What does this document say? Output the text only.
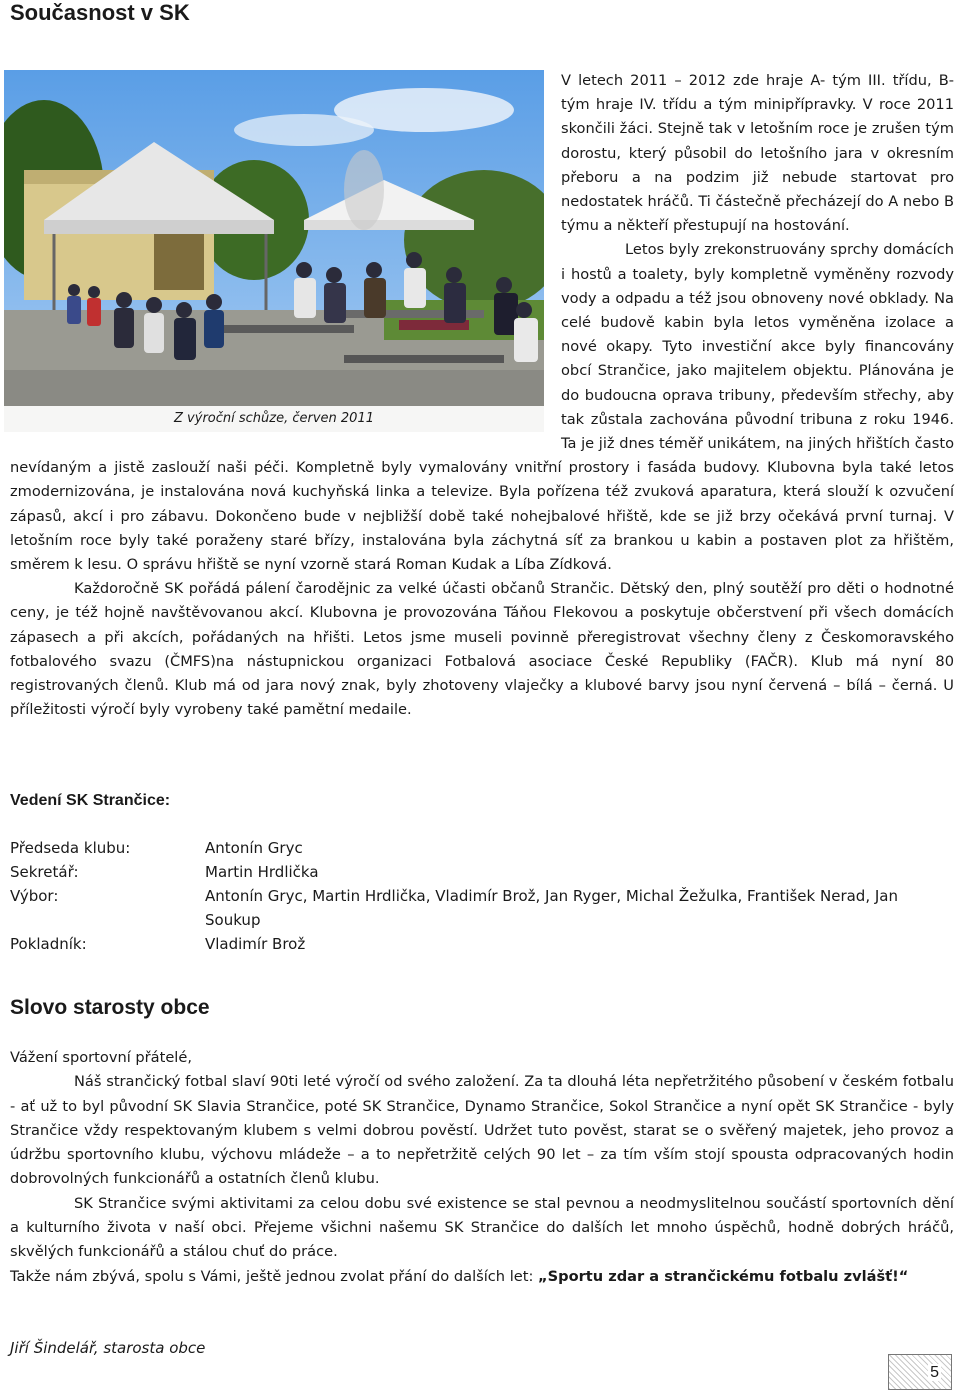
Současnost v SK

V letech 2011 – 2012 zde hraje A- tým III. třídu, B-tým hraje IV. třídu a tým minipřípravky. V roce 2011 skončili žáci. Stejně tak v letošním roce je zrušen tým dorostu, který působil do letošního jara v okresním přeboru a na podzim již nebude startovat pro nedostatek hráčů. Ti částečně přecházejí do A nebo B týmu a někteří přestupují na hostování.

Letos byly zrekonstruovány sprchy domácích i hostů a toalety, byly kompletně vyměněny rozvody vody a odpadu a též jsou obnoveny nové obklady. Na celé budově kabin byla letos vyměněna izolace a nové okapy. Tyto investiční akce byly financovány obcí Strančice, jako majitelem objektu. Plánována je do budoucna oprava tribuny, především střechy, aby tak zůstala zachována původní tribuna z roku 1946. Ta je již dnes téměř unikátem, na jiných hřištích často nevídaným a jistě zaslouží naši péči. Kompletně byly vymalovány vnitřní prostory i fasáda budovy. Klubovna byla také letos zmodernizována, je instalována nová kuchyňská linka a televize. Byla pořízena též zvuková aparatura, která slouží k ozvučení zápasů, akcí i pro zábavu. Dokončeno bude v nejbližší době také nohejbalové hřiště, kde se již brzy očekává první turnaj. V letošním roce byly také poraženy staré břízy, instalována byla záchytná síť za brankou u kabin a postaven plot za hřištěm, směrem k lesu. O správu hřiště se nyní vzorně stará Roman Kudak a Líba Zídková.

Každoročně SK pořádá pálení čarodějnic za velké účasti občanů Strančic. Dětský den, plný soutěží pro děti o hodnotné ceny, je též hojně navštěvovanou akcí. Klubovna je provozována Táňou Flekovou a poskytuje občerstvení při všech domácích zápasech a při akcích, pořádaných na hřišti. Letos jsme museli povinně přeregistrovat všechny členy z Českomoravského fotbalového svazu (ČMFS)na nástupnickou organizaci Fotbalová asociace České Republiky (FAČR). Klub má nyní 80 registrovaných členů. Klub má od jara nový znak, byly zhotoveny vlaječky a klubové barvy jsou nyní červená – bílá – černá. U příležitosti výročí byly vyrobeny také pamětní medaile.

Z výroční schůze, červen 2011
Vedení SK Strančice:
Předseda klubu:	Antonín Gryc
Sekretář:	Martin Hrdlička
Výbor:	Antonín Gryc, Martin Hrdlička, Vladimír Brož, Jan Ryger, Michal Žežulka, František Nerad, Jan Soukup
Pokladník:	Vladimír Brož
Slovo starosty obce

Vážení sportovní přátelé,

Náš strančický fotbal slaví 90ti leté výročí od svého založení. Za ta dlouhá léta nepřetržitého působení v českém fotbalu - ať už to byl původní SK Slavia Strančice, poté SK Strančice, Dynamo Strančice, Sokol Strančice a nyní opět SK Strančice - byly Strančice vždy respektovaným klubem s velmi dobrou pověstí. Udržet tuto pověst, starat se o svěřený majetek, jeho provoz a údržbu sportovního klubu, výchovu mládeže – a to nepřetržitě celých 90 let – za tím vším stojí spousta odpracovaných hodin dobrovolných funkcionářů a ostatních členů klubu.

SK Strančice svými aktivitami za celou dobu své existence se stal pevnou a neodmyslitelnou součástí sportovních dění a kulturního života v naší obci. Přejeme všichni našemu SK Strančice do dalších let mnoho úspěchů, hodně dobrých hráčů, skvělých funkcionářů a stálou chuť do práce.

Takže nám zbývá, spolu s Vámi, ještě jednou zvolat přání do dalších let: „Sportu zdar a strančickému fotbalu zvlášť!“

Jiří Šindelář, starosta obce
5
